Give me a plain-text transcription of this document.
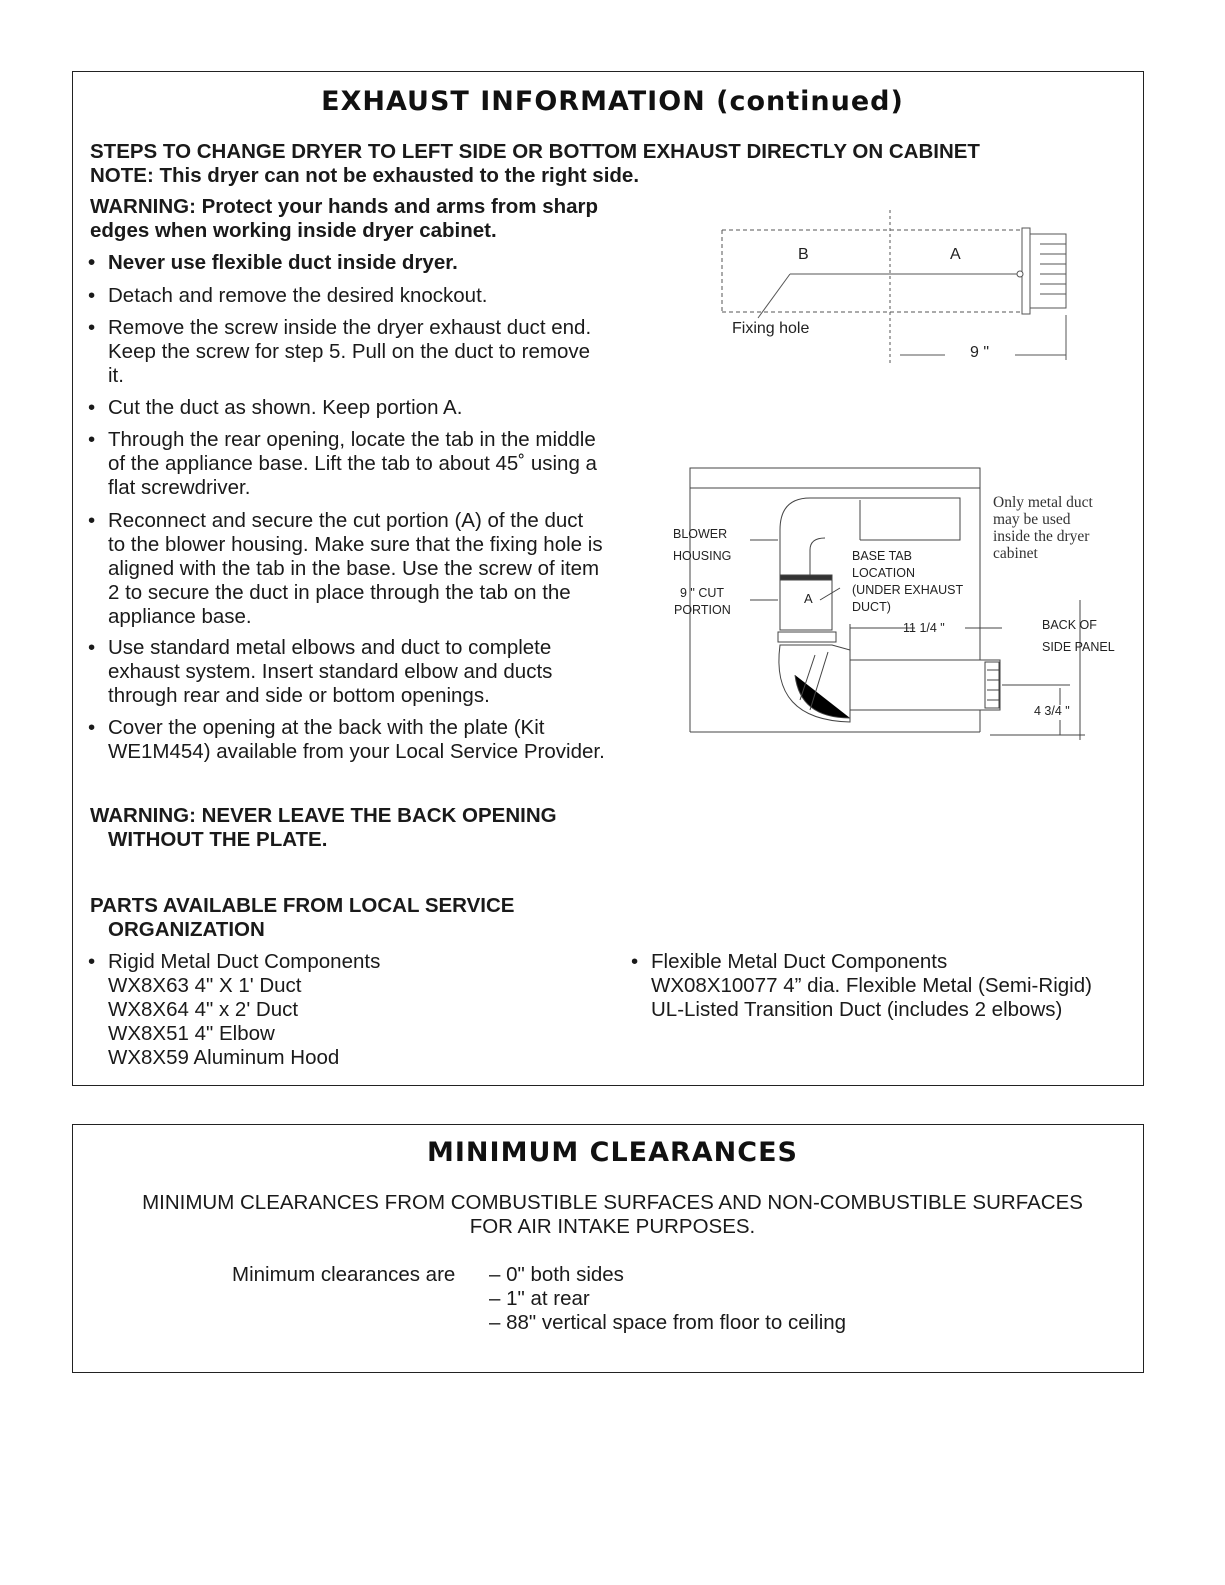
EXHAUST INFORMATION (continued)
STEPS TO CHANGE DRYER TO LEFT SIDE OR BOTTOM EXHAUST DIRECTLY ON CABINET
NOTE: This dryer can not be exhausted to the right side.
WARNING: Protect your hands and arms from sharp
edges when working inside dryer cabinet.
• Never use flexible duct inside dryer.
• Detach and remove the desired knockout.
• Remove the screw inside the dryer exhaust duct end.
Keep the screw for step 5. Pull on the duct to remove
it.
• Cut the duct as shown. Keep portion A.
• Through the rear opening, locate the tab in the middle
of the appliance base. Lift the tab to about 45˚ using a
flat screwdriver.
• Reconnect and secure the cut portion (A) of the duct
to the blower housing. Make sure that the fixing hole is
aligned with the tab in the base. Use the screw of item
2 to secure the duct in place through the tab on the
appliance base.
• Use standard metal elbows and duct to complete
exhaust system. Insert standard elbow and ducts
through rear and side or bottom openings.
• Cover the opening at the back with the plate (Kit
WE1M454) available from your Local Service Provider.
WARNING: NEVER LEAVE THE BACK OPENING
WITHOUT THE PLATE.
PARTS AVAILABLE FROM LOCAL SERVICE
ORGANIZATION
• Rigid Metal Duct Components
WX8X63 4" X 1' Duct
WX8X64 4" x 2' Duct
WX8X51 4" Elbow
WX8X59 Aluminum Hood
• Flexible Metal Duct Components
WX08X10077 4” dia. Flexible Metal (Semi-Rigid)
UL-Listed Transition Duct (includes 2 elbows)
B	A
Fixing hole
9 "
BLOWER
HOUSING
9 " CUT
PORTION
A
BASE TAB
LOCATION
(UNDER EXHAUST
DUCT)
11 1/4 "
4 3/4 "
Only metal duct
may be used
inside the dryer
cabinet
BACK OF
SIDE PANEL
MINIMUM CLEARANCES
MINIMUM CLEARANCES FROM COMBUSTIBLE SURFACES AND NON-COMBUSTIBLE SURFACES
FOR AIR INTAKE PURPOSES.
Minimum clearances are – 0" both sides
– 1" at rear
– 88" vertical space from floor to ceiling
